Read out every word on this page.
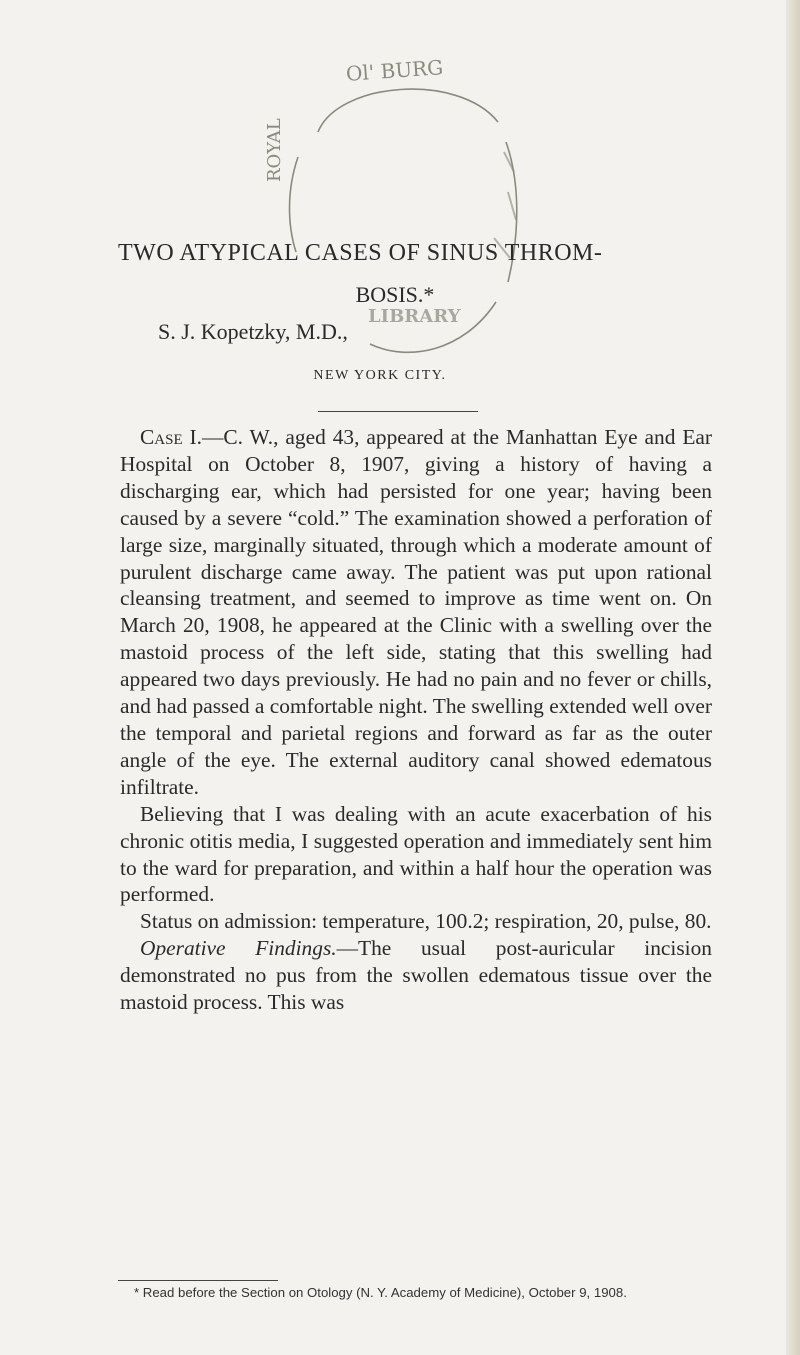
Ol' BURG
ROYAL
LIBRARY
TWO ATYPICAL CASES OF SINUS THROM-
BOSIS.*
S. J. Kopetzky, M.D.,
NEW YORK CITY.

Case I.—C. W., aged 43, appeared at the Manhattan Eye and Ear Hospital on October 8, 1907, giving a history of having a discharging ear, which had persisted for one year; having been caused by a severe “cold.” The examination showed a perforation of large size, marginally situated, through which a moderate amount of purulent discharge came away. The patient was put upon rational cleansing treatment, and seemed to improve as time went on. On March 20, 1908, he appeared at the Clinic with a swelling over the mastoid process of the left side, stating that this swelling had appeared two days previously. He had no pain and no fever or chills, and had passed a comfortable night. The swelling extended well over the temporal and parietal regions and forward as far as the outer angle of the eye. The external auditory canal showed edematous infiltrate.

Believing that I was dealing with an acute exacerbation of his chronic otitis media, I suggested operation and immediately sent him to the ward for preparation, and within a half hour the operation was performed.

Status on admission: temperature, 100.2; respiration, 20, pulse, 80.

Operative Findings.—The usual post-auricular incision demonstrated no pus from the swollen edematous tissue over the mastoid process. This was

* Read before the Section on Otology (N. Y. Academy of Medicine), October 9, 1908.
